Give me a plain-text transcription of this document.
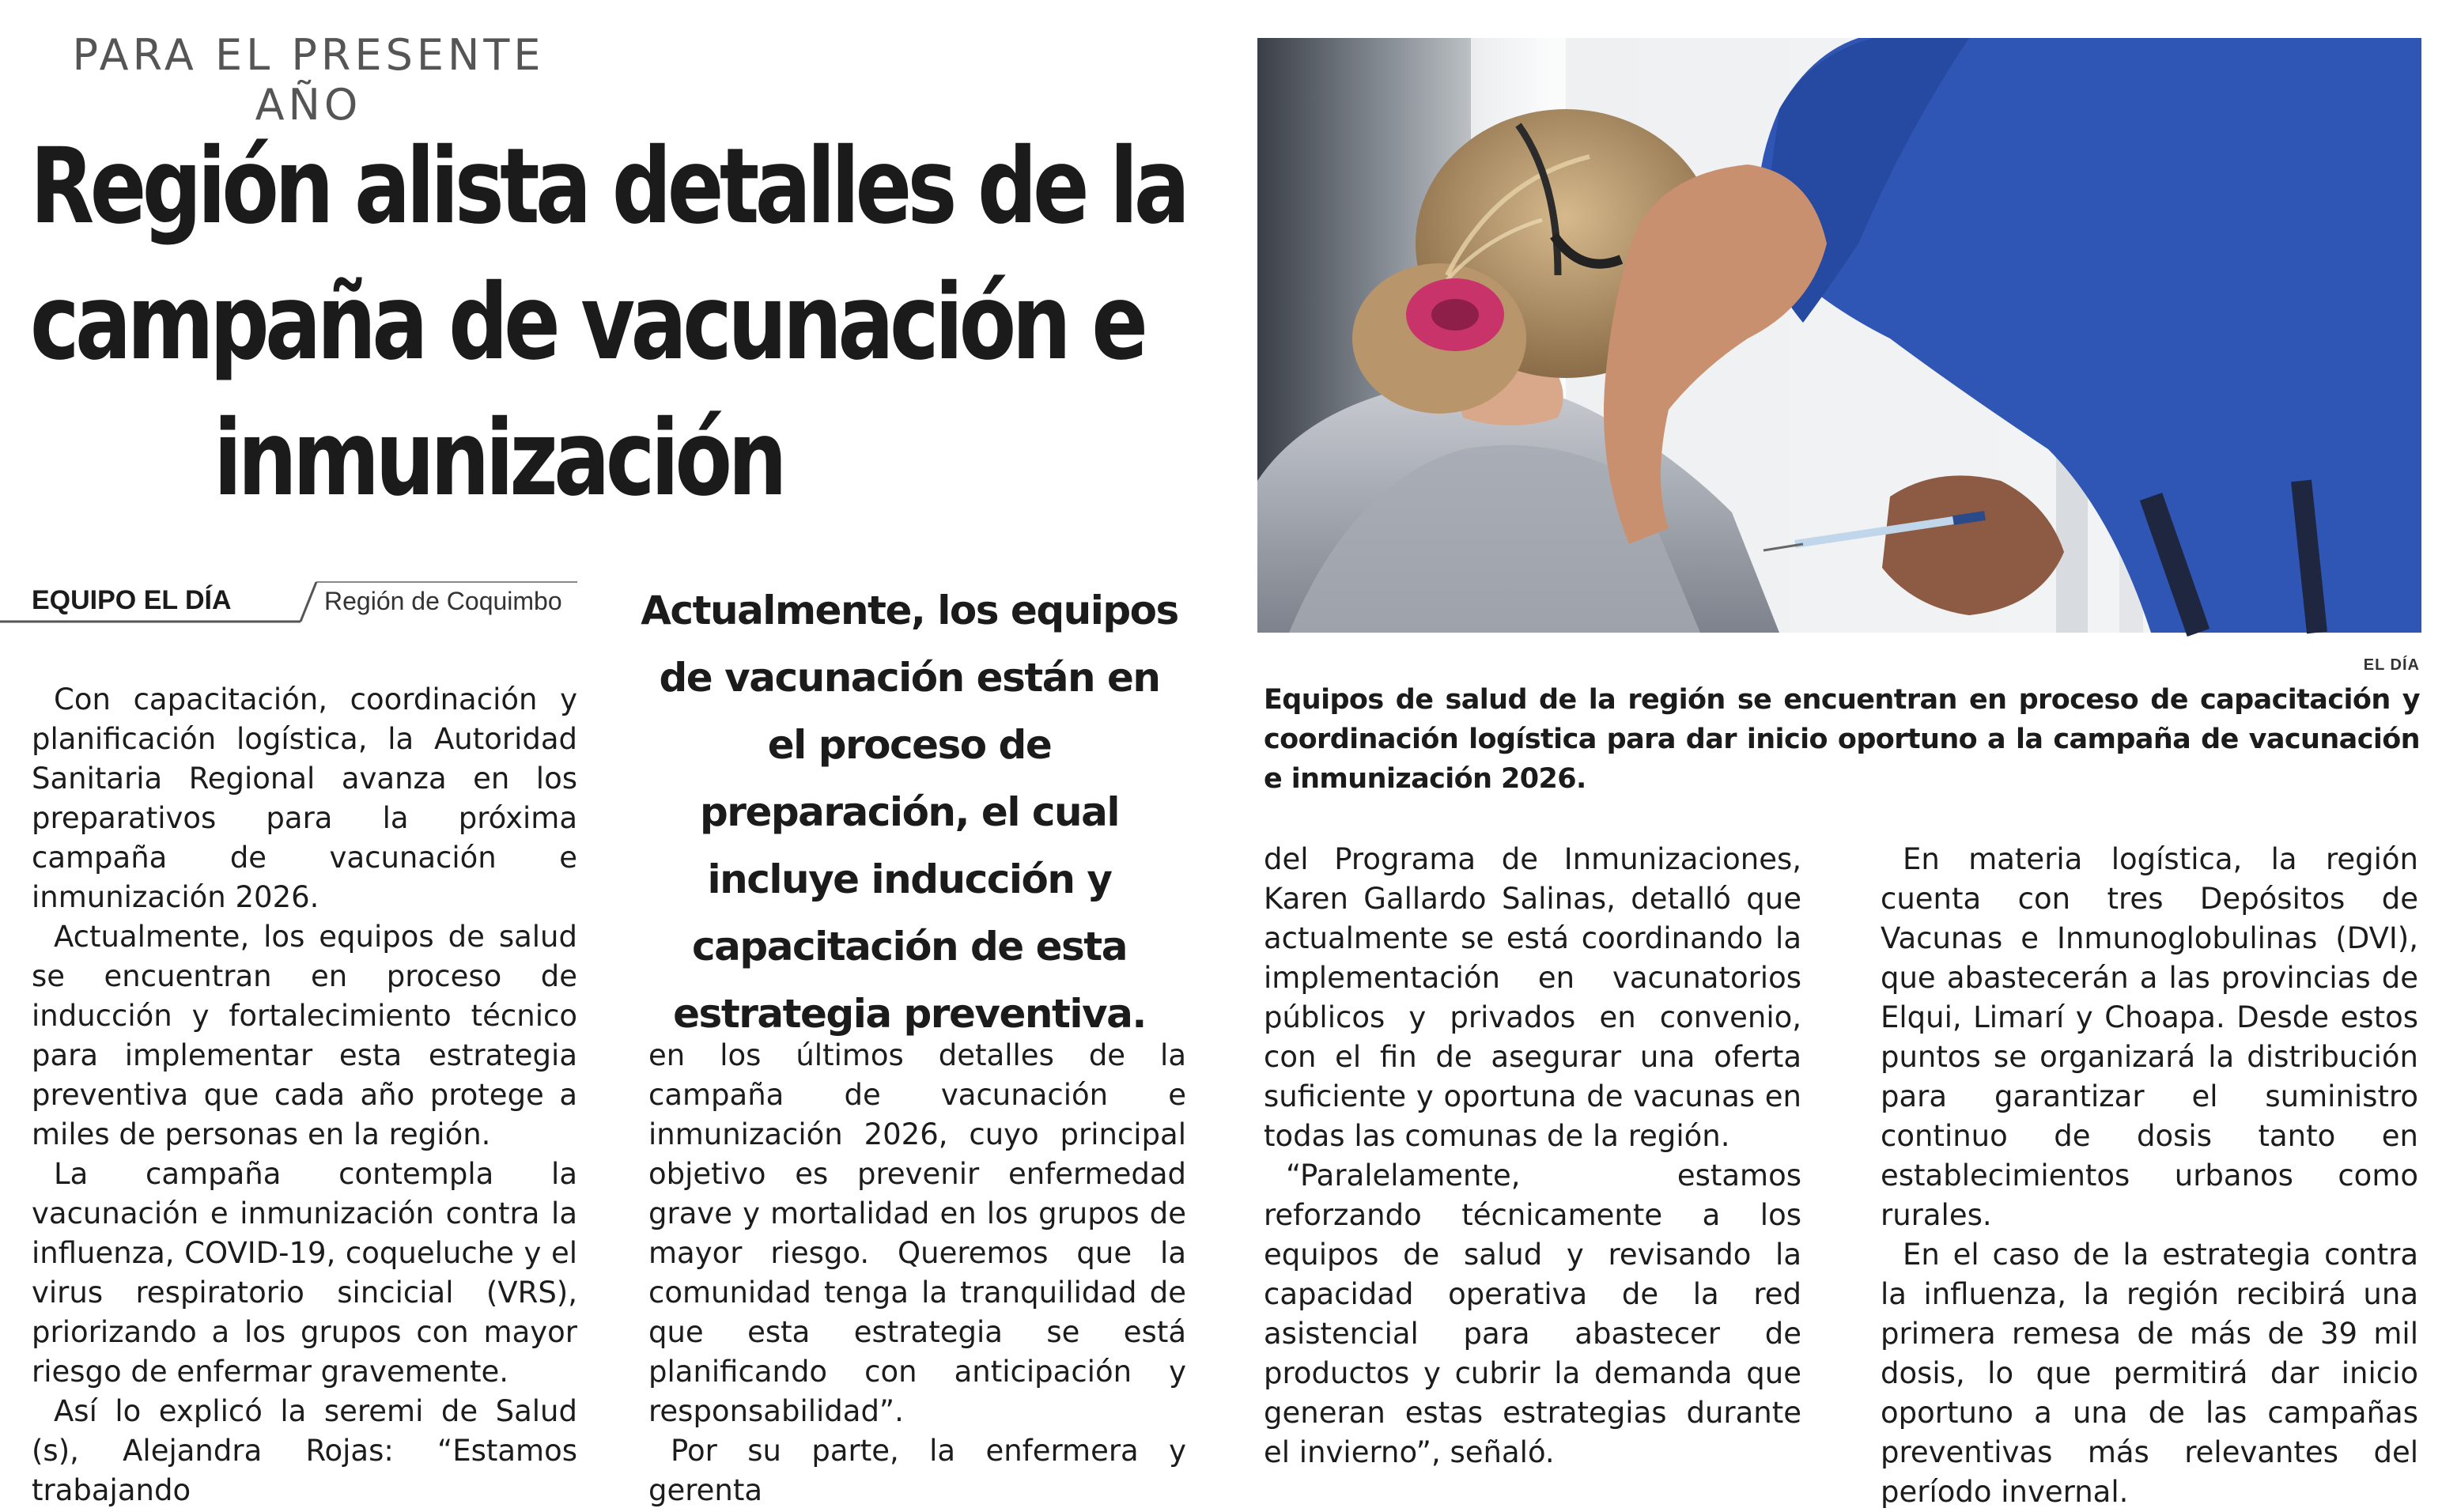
PARA EL PRESENTE AÑO
Región alista detalles de la
campaña de vacunación e
inmunización
EQUIPO EL DÍA	Región de Coquimbo

Con capacitación, coordinación y planificación logística, la Autoridad Sanitaria Regional avanza en los preparativos para la próxima campaña de vacunación e inmunización 2026.

Actualmente, los equipos de salud se encuentran en proceso de inducción y fortalecimiento técnico para implementar esta estrategia preventiva que cada año protege a miles de personas en la región.

La campaña contempla la vacunación e inmunización contra la influenza, COVID-19, coqueluche y el virus respiratorio sincicial (VRS), priorizando a los grupos con mayor riesgo de enfermar gravemente.

Así lo explicó la seremi de Salud (s), Alejandra Rojas: “Estamos trabajando

Actualmente, los equipos de vacunación están en el proceso de preparación, el cual incluye inducción y capacitación de esta estrategia preventiva.

en los últimos detalles de la campaña de vacunación e inmunización 2026, cuyo principal objetivo es prevenir enfermedad grave y mortalidad en los grupos de mayor riesgo. Queremos que la comunidad tenga la tranquilidad de que esta estrategia se está planificando con anticipación y responsabilidad”.

Por su parte, la enfermera y gerenta

EL DÍA
Equipos de salud de la región se encuentran en proceso de capacitación y coordinación logística para dar inicio oportuno a la campaña de vacunación e inmunización 2026.

del Programa de Inmunizaciones, Karen Gallardo Salinas, detalló que actualmente se está coordinando la implementación en vacunatorios públicos y privados en convenio, con el fin de asegurar una oferta suficiente y oportuna de vacunas en todas las comunas de la región.

“Paralelamente, estamos reforzando técnicamente a los equipos de salud y revisando la capacidad operativa de la red asistencial para abastecer de productos y cubrir la demanda que generan estas estrategias durante el invierno”, señaló.

En materia logística, la región cuenta con tres Depósitos de Vacunas e Inmunoglobulinas (DVI), que abastecerán a las provincias de Elqui, Limarí y Choapa. Desde estos puntos se organizará la distribución para garantizar el suministro continuo de dosis tanto en establecimientos urbanos como rurales.

En el caso de la estrategia contra la influenza, la región recibirá una primera remesa de más de 39 mil dosis, lo que permitirá dar inicio oportuno a una de las campañas preventivas más relevantes del período invernal.
